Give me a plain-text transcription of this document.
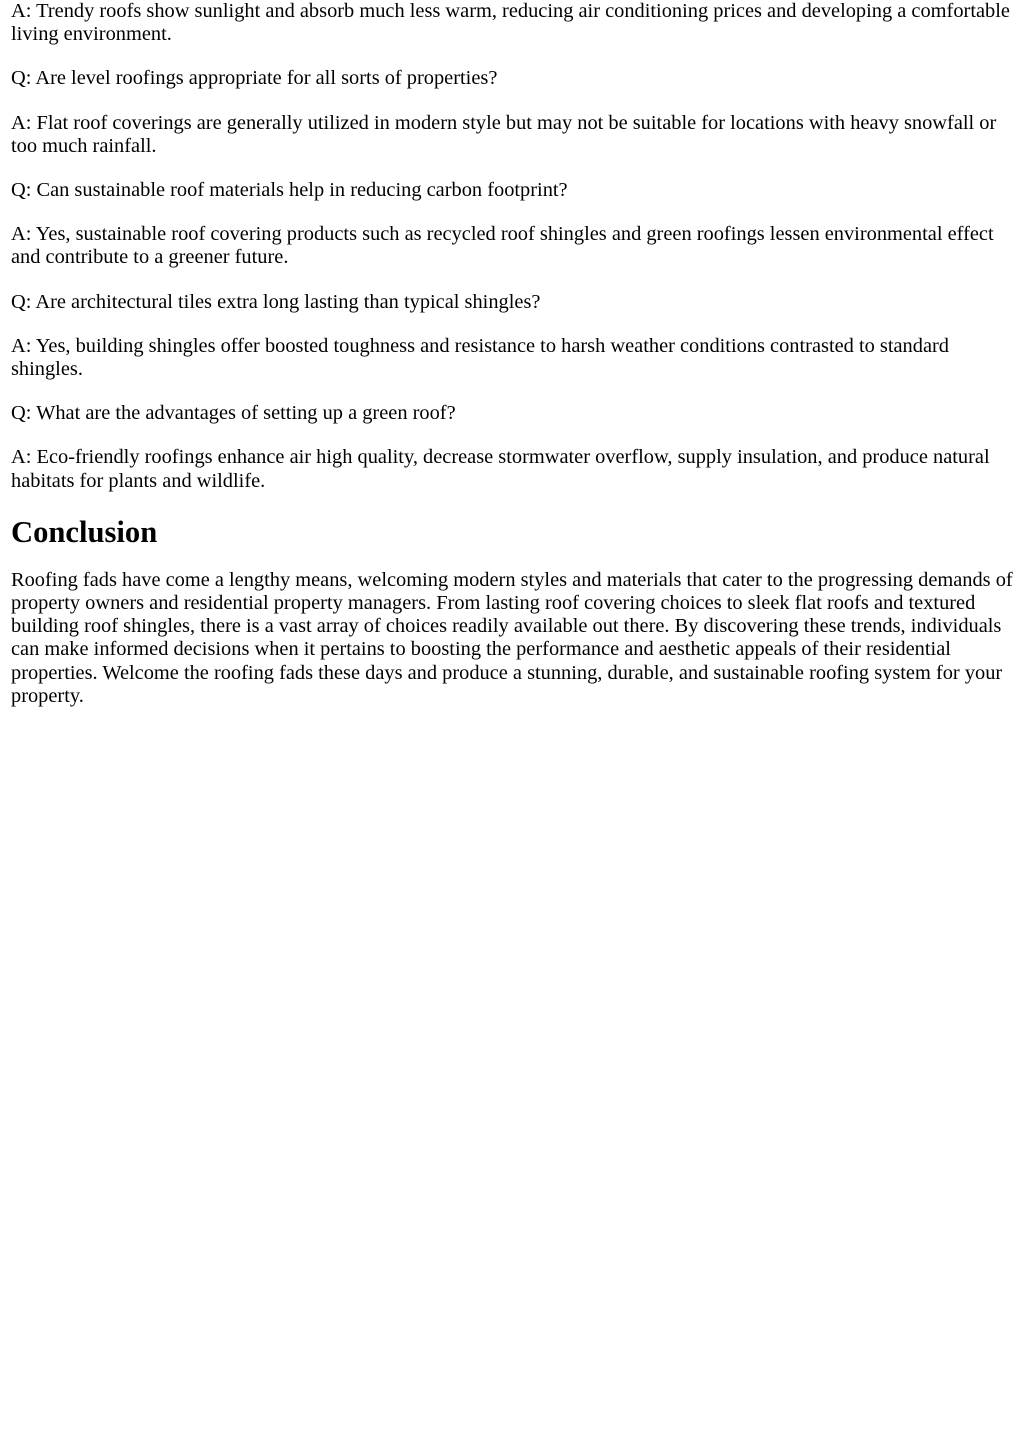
A: Trendy roofs show sunlight and absorb much less warm, reducing air conditioning prices and developing a comfortable living environment.

Q: Are level roofings appropriate for all sorts of properties?

A: Flat roof coverings are generally utilized in modern style but may not be suitable for locations with heavy snowfall or too much rainfall.

Q: Can sustainable roof materials help in reducing carbon footprint?

A: Yes, sustainable roof covering products such as recycled roof shingles and green roofings lessen environmental effect and contribute to a greener future.

Q: Are architectural tiles extra long lasting than typical shingles?

A: Yes, building shingles offer boosted toughness and resistance to harsh weather conditions contrasted to standard shingles.

Q: What are the advantages of setting up a green roof?

A: Eco-friendly roofings enhance air high quality, decrease stormwater overflow, supply insulation, and produce natural habitats for plants and wildlife.

Conclusion

Roofing fads have come a lengthy means, welcoming modern styles and materials that cater to the progressing demands of property owners and residential property managers. From lasting roof covering choices to sleek flat roofs and textured building roof shingles, there is a vast array of choices readily available out there. By discovering these trends, individuals can make informed decisions when it pertains to boosting the performance and aesthetic appeals of their residential properties. Welcome the roofing fads these days and produce a stunning, durable, and sustainable roofing system for your property.
